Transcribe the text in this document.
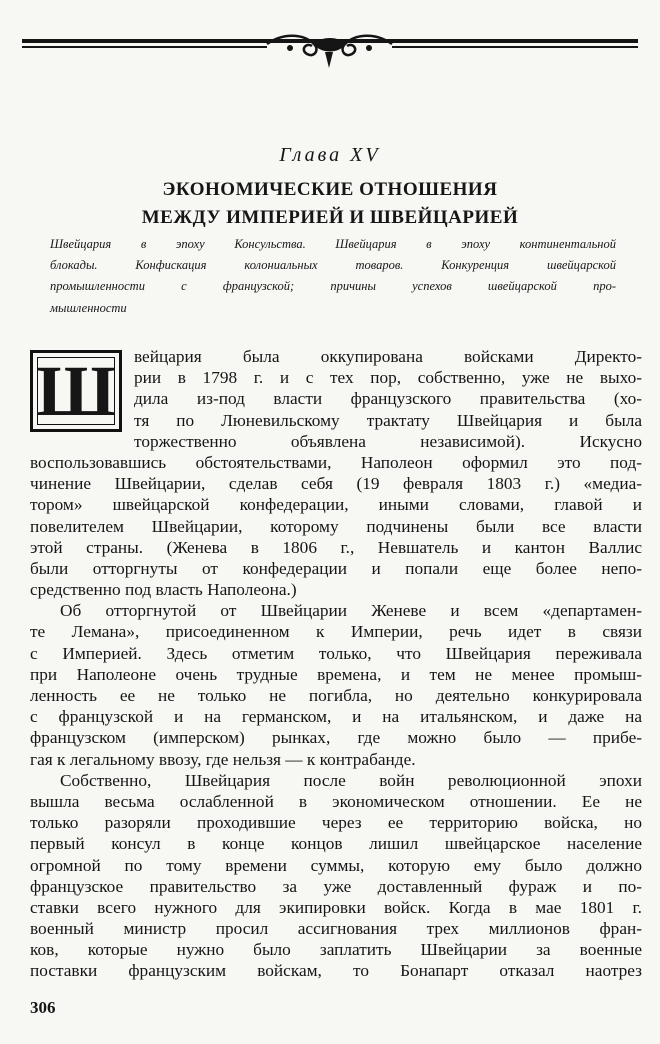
Глава XV
ЭКОНОМИЧЕСКИЕ ОТНОШЕНИЯ
МЕЖДУ ИМПЕРИЕЙ И ШВЕЙЦАРИЕЙ
Швейцария в эпоху Консульства. Швейцария в эпоху континентальной
блокады. Конфискация колониальных товаров. Конкуренция швейцарской
промышленности с французской; причины успехов швейцарской про-
мышленности
Ш	вейцария была оккупирована войсками Директо-
рии в 1798 г. и с тех пор, собственно, уже не выхо-
дила из-под власти французского правительства (хо-
тя по Люневильскому трактату Швейцария и была
торжественно объявлена независимой). Искусно
воспользовавшись обстоятельствами, Наполеон оформил это под-
чинение Швейцарии, сделав себя (19 февраля 1803 г.) «медиа-
тором» швейцарской конфедерации, иными словами, главой и
повелителем Швейцарии, которому подчинены были все власти
этой страны. (Женева в 1806 г., Невшатель и кантон Валлис
были отторгнуты от конфедерации и попали еще более непо-
средственно под власть Наполеона.)
Об отторгнутой от Швейцарии Женеве и всем «департамен-
те Лемана», присоединенном к Империи, речь идет в связи
с Империей. Здесь отметим только, что Швейцария переживала
при Наполеоне очень трудные времена, и тем не менее промыш-
ленность ее не только не погибла, но деятельно конкурировала
с французской и на германском, и на итальянском, и даже на
французском (имперском) рынках, где можно было — прибе-
гая к легальному ввозу, где нельзя — к контрабанде.
Собственно, Швейцария после войн революционной эпохи
вышла весьма ослабленной в экономическом отношении. Ее не
только разоряли проходившие через ее территорию войска, но
первый консул в конце концов лишил швейцарское население
огромной по тому времени суммы, которую ему было должно
французское правительство за уже доставленный фураж и по-
ставки всего нужного для экипировки войск. Когда в мае 1801 г.
военный министр просил ассигнования трех миллионов фран-
ков, которые нужно было заплатить Швейцарии за военные
поставки французским войскам, то Бонапарт отказал наотрез
306
